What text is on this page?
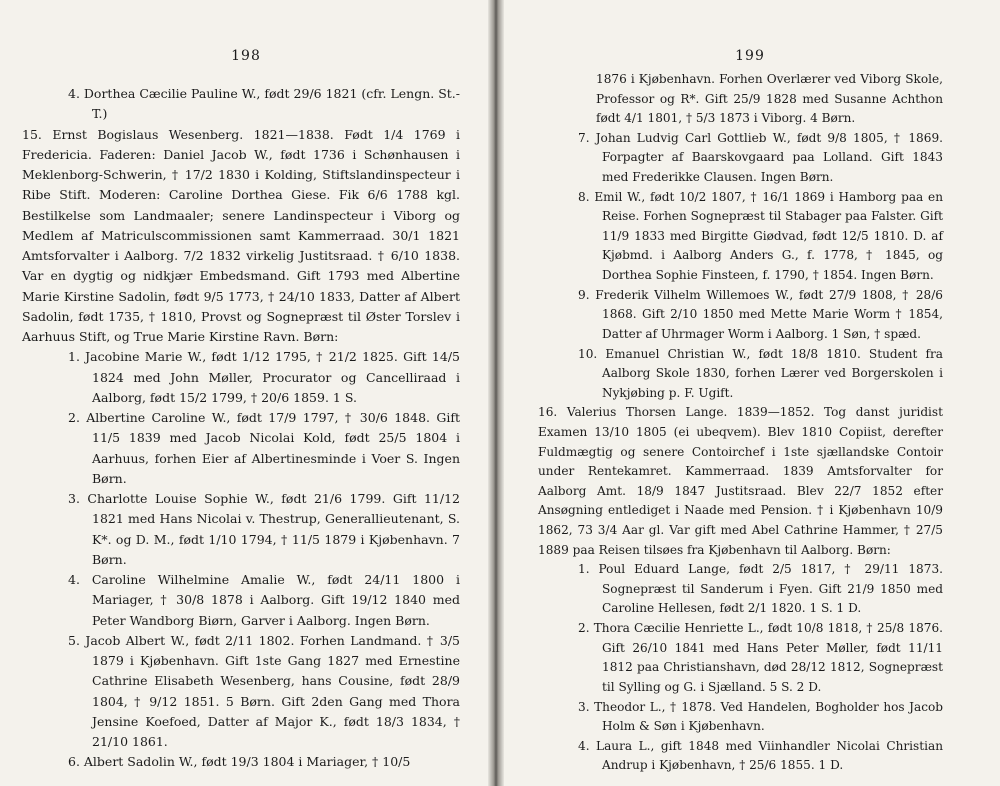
198	199

4. Dorthea Cæcilie Pauline W., født 29/6 1821 (cfr. Lengn. St.-T.)

15. Ernst Bogislaus Wesenberg. 1821—1838. Født 1/4 1769 i Fredericia. Faderen: Daniel Jacob W., født 1736 i Schønhausen i Meklenborg-Schwerin, † 17/2 1830 i Kolding, Stiftslandinspecteur i Ribe Stift. Moderen: Caroline Dorthea Giese. Fik 6/6 1788 kgl. Bestilkelse som Landmaaler; senere Landinspecteur i Viborg og Medlem af Matriculscommissionen samt Kammerraad. 30/1 1821 Amtsforvalter i Aalborg. 7/2 1832 virkelig Justitsraad. † 6/10 1838. Var en dygtig og nidkjær Embedsmand. Gift 1793 med Albertine Marie Kirstine Sadolin, født 9/5 1773, † 24/10 1833, Datter af Albert Sadolin, født 1735, † 1810, Provst og Sognepræst til Øster Torslev i Aarhuus Stift, og True Marie Kirstine Ravn. Børn:

1. Jacobine Marie W., født 1/12 1795, † 21/2 1825. Gift 14/5 1824 med John Møller, Procurator og Cancelliraad i Aalborg, født 15/2 1799, † 20/6 1859. 1 S.

2. Albertine Caroline W., født 17/9 1797, † 30/6 1848. Gift 11/5 1839 med Jacob Nicolai Kold, født 25/5 1804 i Aarhuus, forhen Eier af Albertinesminde i Voer S. Ingen Børn.

3. Charlotte Louise Sophie W., født 21/6 1799. Gift 11/12 1821 med Hans Nicolai v. Thestrup, Generallieutenant, S. K*. og D. M., født 1/10 1794, † 11/5 1879 i Kjøbenhavn. 7 Børn.

4. Caroline Wilhelmine Amalie W., født 24/11 1800 i Mariager, † 30/8 1878 i Aalborg. Gift 19/12 1840 med Peter Wandborg Biørn, Garver i Aalborg. Ingen Børn.

5. Jacob Albert W., født 2/11 1802. Forhen Landmand. † 3/5 1879 i Kjøbenhavn. Gift 1ste Gang 1827 med Ernestine Cathrine Elisabeth Wesenberg, hans Cousine, født 28/9 1804, † 9/12 1851. 5 Børn. Gift 2den Gang med Thora Jensine Koefoed, Datter af Major K., født 18/3 1834, † 21/10 1861.

6. Albert Sadolin W., født 19/3 1804 i Mariager, † 10/5

1876 i Kjøbenhavn. Forhen Overlærer ved Viborg Skole, Professor og R*. Gift 25/9 1828 med Susanne Achthon født 4/1 1801, † 5/3 1873 i Viborg. 4 Børn.

7. Johan Ludvig Carl Gottlieb W., født 9/8 1805, † 1869. Forpagter af Baarskovgaard paa Lolland. Gift 1843 med Frederikke Clausen. Ingen Børn.

8. Emil W., født 10/2 1807, † 16/1 1869 i Hamborg paa en Reise. Forhen Sognepræst til Stabager paa Falster. Gift 11/9 1833 med Birgitte Giødvad, født 12/5 1810. D. af Kjøbmd. i Aalborg Anders G., f. 1778, † 1845, og Dorthea Sophie Finsteen, f. 1790, † 1854. Ingen Børn.

9. Frederik Vilhelm Willemoes W., født 27/9 1808, † 28/6 1868. Gift 2/10 1850 med Mette Marie Worm † 1854, Datter af Uhrmager Worm i Aalborg. 1 Søn, † spæd.

10. Emanuel Christian W., født 18/8 1810. Student fra Aalborg Skole 1830, forhen Lærer ved Borgerskolen i Nykjøbing p. F. Ugift.

16. Valerius Thorsen Lange. 1839—1852. Tog danst juridist Examen 13/10 1805 (ei ubeqvem). Blev 1810 Copiist, derefter Fuldmægtig og senere Contoirchef i 1ste sjællandske Contoir under Rentekamret. Kammerraad. 1839 Amtsforvalter for Aalborg Amt. 18/9 1847 Justitsraad. Blev 22/7 1852 efter Ansøgning entlediget i Naade med Pension. † i Kjøbenhavn 10/9 1862, 73 3/4 Aar gl. Var gift med Abel Cathrine Hammer, † 27/5 1889 paa Reisen tilsøes fra Kjøbenhavn til Aalborg. Børn:

1. Poul Eduard Lange, født 2/5 1817, † 29/11 1873. Sognepræst til Sanderum i Fyen. Gift 21/9 1850 med Caroline Hellesen, født 2/1 1820. 1 S. 1 D.

2. Thora Cæcilie Henriette L., født 10/8 1818, † 25/8 1876. Gift 26/10 1841 med Hans Peter Møller, født 11/11 1812 paa Christianshavn, død 28/12 1812, Sognepræst til Sylling og G. i Sjælland. 5 S. 2 D.

3. Theodor L., † 1878. Ved Handelen, Bogholder hos Jacob Holm & Søn i Kjøbenhavn.

4. Laura L., gift 1848 med Viinhandler Nicolai Christian Andrup i Kjøbenhavn, † 25/6 1855. 1 D.
